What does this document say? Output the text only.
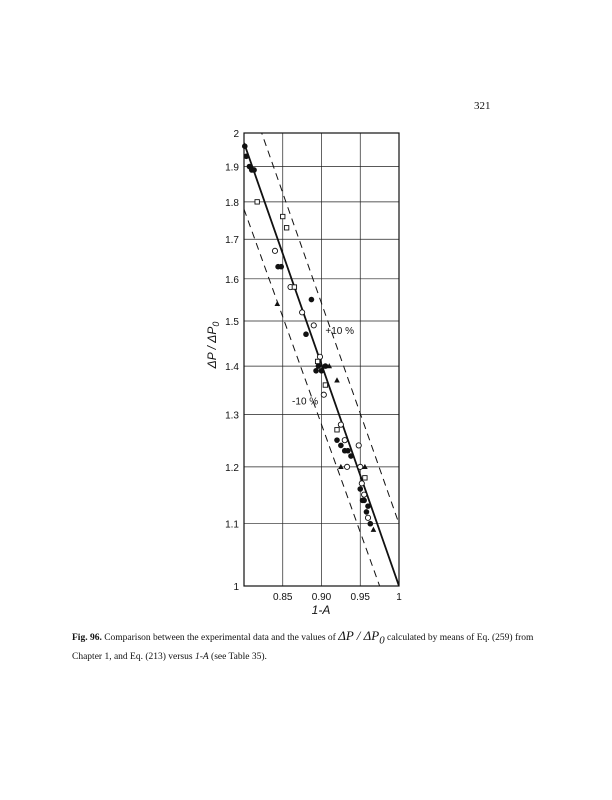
321
1
1.1
1.2
1.3
1.4
1.5
1.6
1.7
1.8
1.9
2
0.85 0.90 0.95	1
+10 %
-10 %
1-A
ΔP / $\Delta P_0$
Fig. 96. Comparison between the experimental data and the values of ΔP / $\Delta P_0$ calculated by means of Eq. (259) from Chapter 1, and Eq. (213) versus 1-A (see Table 35).
